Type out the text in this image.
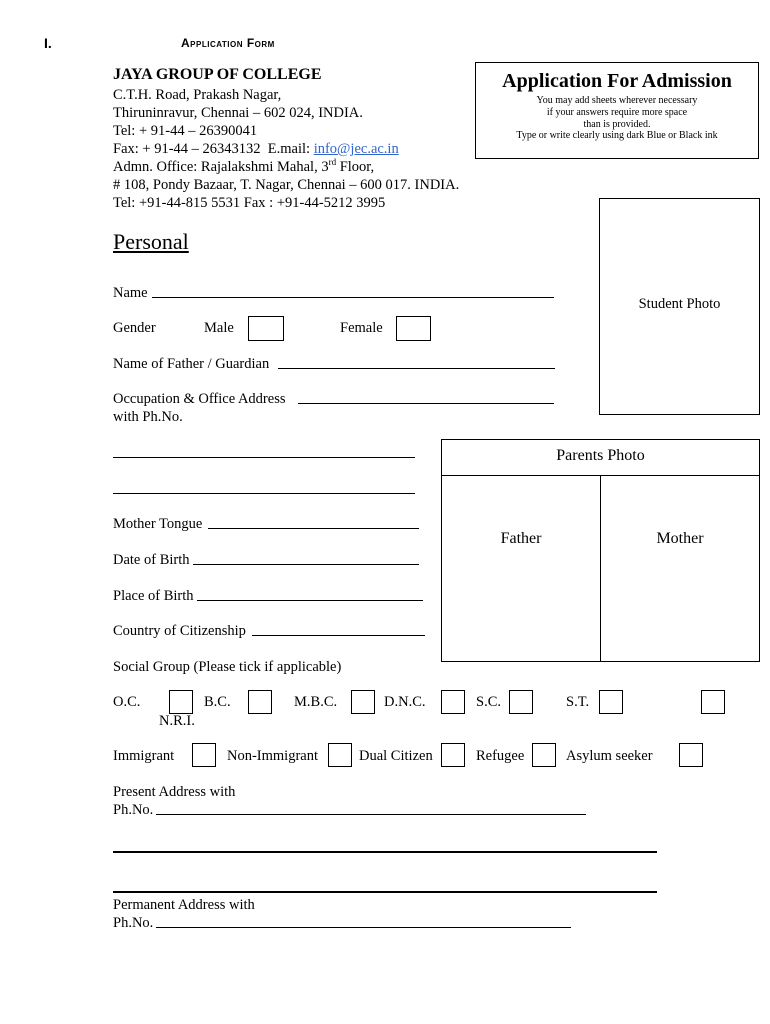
I.	Application Form
JAYA GROUP OF COLLEGE
C.T.H. Road, Prakash Nagar,
Thiruninravur, Chennai – 602 024, INDIA.
Tel: + 91-44 – 26390041
Fax: + 91-44 – 26343132  E.mail: info@jec.ac.in
Admn. Office: Rajalakshmi Mahal, 3rd Floor,
# 108, Pondy Bazaar, T. Nagar, Chennai – 600 017. INDIA.
Tel: +91-44-815 5531 Fax : +91-44-5212 3995
Application For Admission
You may add sheets wherever necessary
if your answers require more space
than is provided.
Type or write clearly using dark Blue or Black ink
Student Photo
Personal
Name
Gender	Male	Female
Name of Father / Guardian
Occupation & Office Address
with Ph.No.
Parents Photo
Father	Mother
Mother Tongue
Date of Birth
Place of Birth
Country of Citizenship
Social Group (Please tick if applicable)
O.C.	B.C.	M.B.C.	D.N.C.	S.C.	S.T.
N.R.I.
Immigrant	Non-Immigrant	Dual Citizen	Refugee	Asylum seeker
Present Address with
Ph.No.
Permanent Address with
Ph.No.
